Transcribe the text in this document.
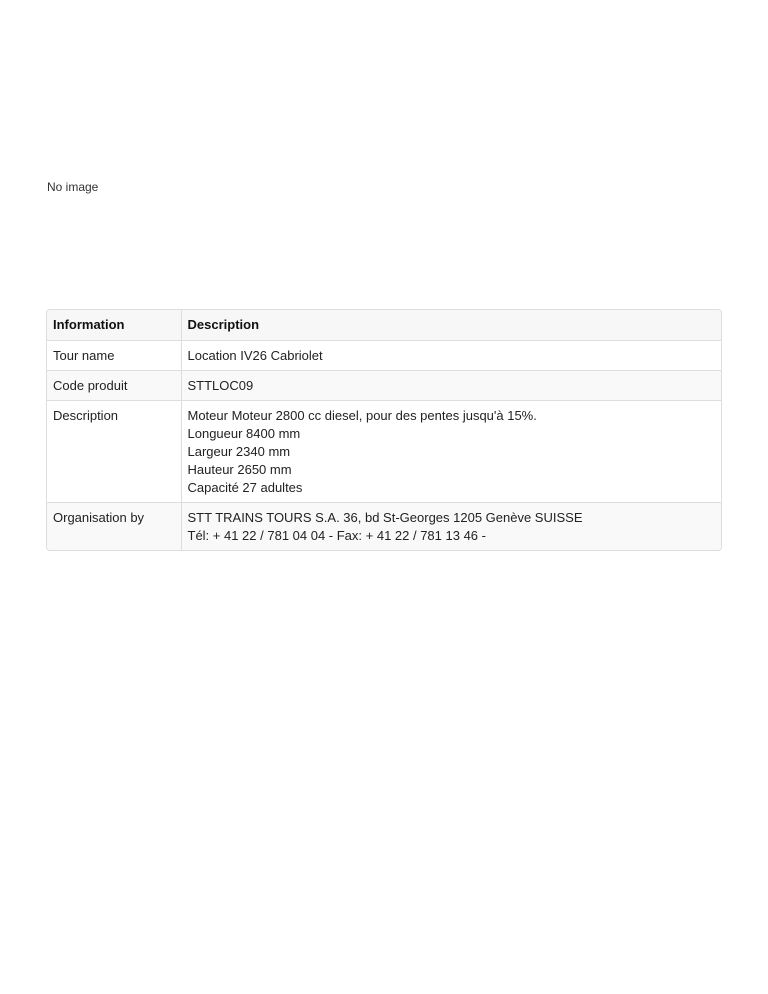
No image
Information	Description
Tour name	Location IV26 Cabriolet
Code produit	STTLOC09
Description	Moteur Moteur 2800 cc diesel, pour des pentes jusqu'à 15%.
Longueur 8400 mm
Largeur 2340 mm
Hauteur 2650 mm
Capacité 27 adultes

Organisation by	STT TRAINS TOURS S.A. 36, bd St-Georges 1205 Genève SUISSE
Tél: + 41 22 / 781 04 04 - Fax: + 41 22 / 781 13 46 -
